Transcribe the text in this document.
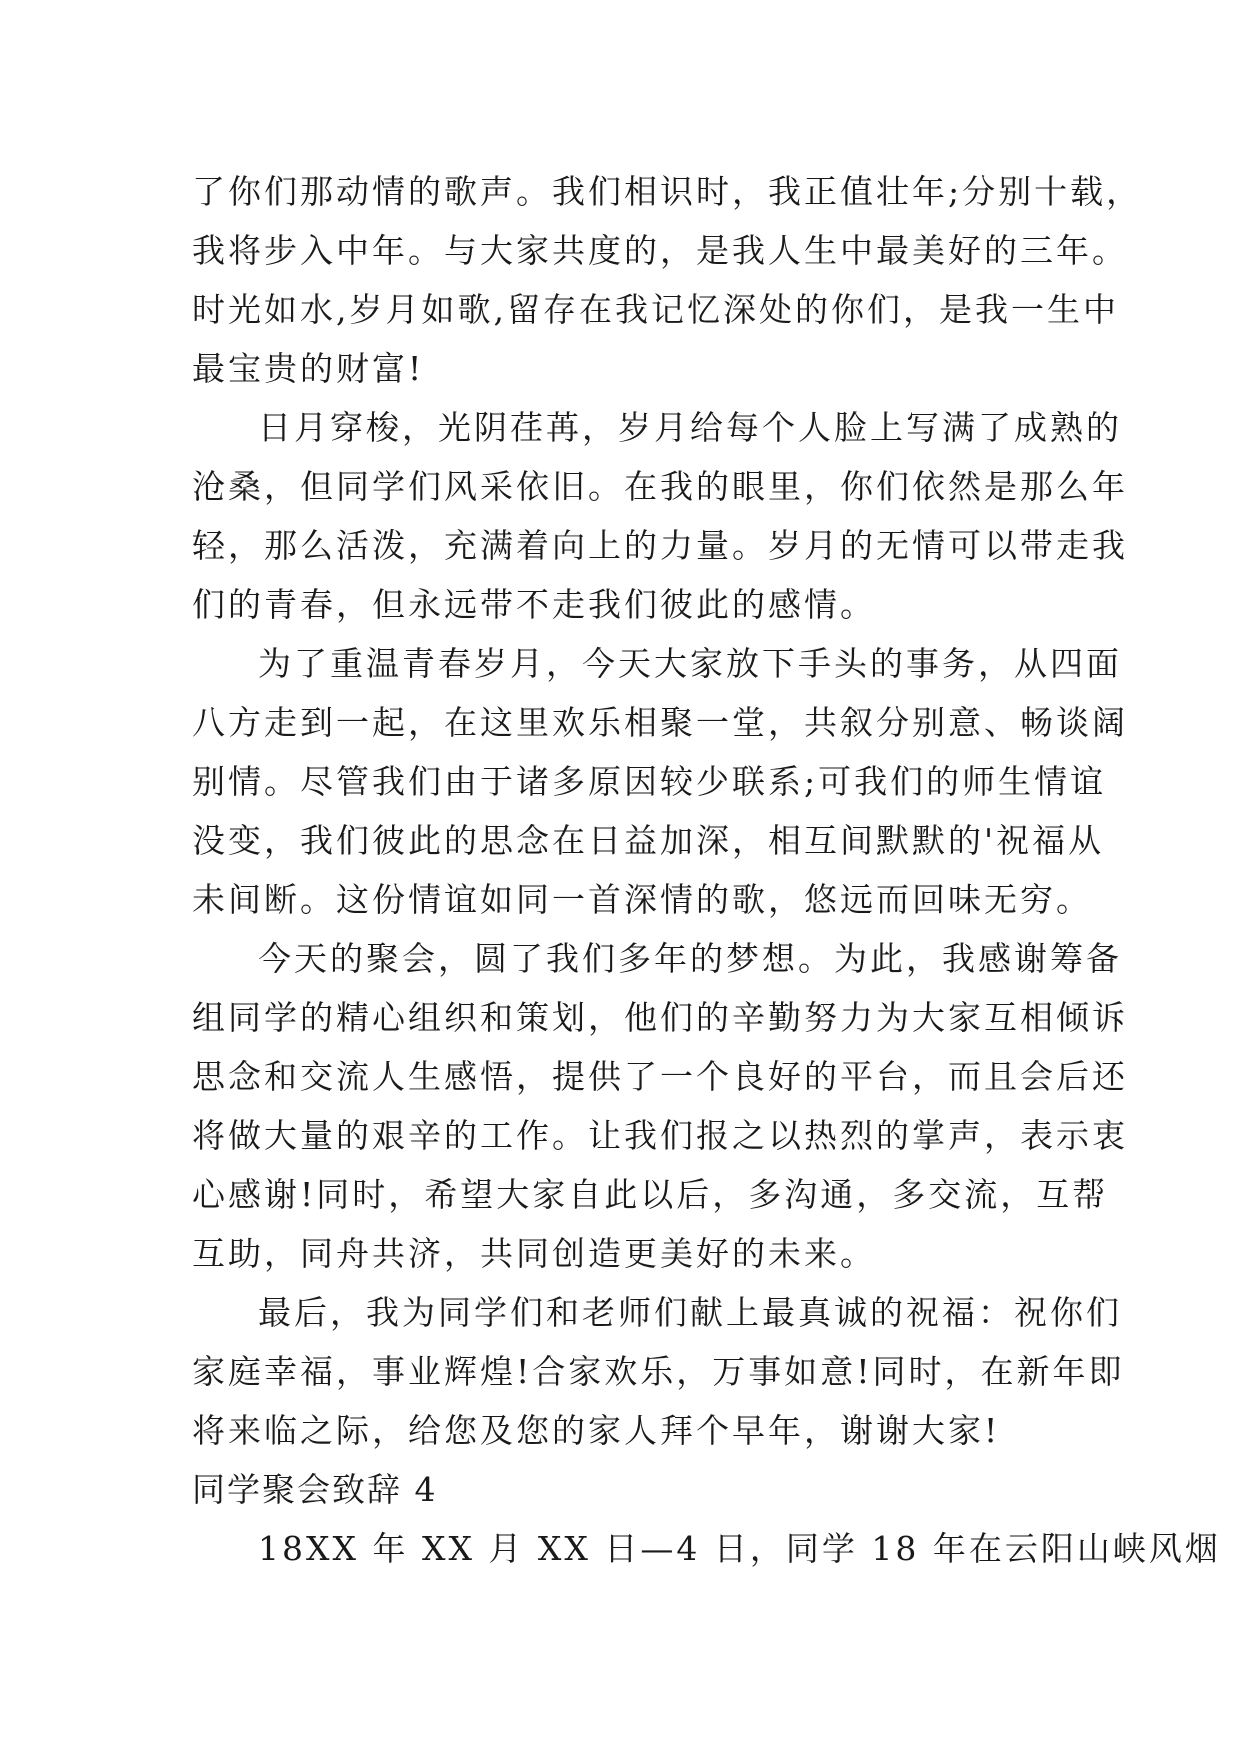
了你们那动情的歌声。我们相识时，我正值壮年;分别十载，
我将步入中年。与大家共度的，是我人生中最美好的三年。
时光如水,岁月如歌,留存在我记忆深处的你们，是我一生中
最宝贵的财富!
日月穿梭，光阴荏苒，岁月给每个人脸上写满了成熟的
沧桑，但同学们风采依旧。在我的眼里，你们依然是那么年
轻，那么活泼，充满着向上的力量。岁月的无情可以带走我
们的青春，但永远带不走我们彼此的感情。
为了重温青春岁月，今天大家放下手头的事务，从四面
八方走到一起，在这里欢乐相聚一堂，共叙分别意、畅谈阔
别情。尽管我们由于诸多原因较少联系;可我们的师生情谊
没变，我们彼此的思念在日益加深，相互间默默的'祝福从
未间断。这份情谊如同一首深情的歌，悠远而回味无穷。
今天的聚会，圆了我们多年的梦想。为此，我感谢筹备
组同学的精心组织和策划，他们的辛勤努力为大家互相倾诉
思念和交流人生感悟，提供了一个良好的平台，而且会后还
将做大量的艰辛的工作。让我们报之以热烈的掌声，表示衷
心感谢!同时，希望大家自此以后，多沟通，多交流，互帮
互助，同舟共济，共同创造更美好的未来。
最后，我为同学们和老师们献上最真诚的祝福：祝你们
家庭幸福，事业辉煌!合家欢乐，万事如意!同时，在新年即
将来临之际，给您及您的家人拜个早年，谢谢大家!
同学聚会致辞 4
18XX 年 XX 月 XX 日—4 日，同学 18 年在云阳山峡风烟
